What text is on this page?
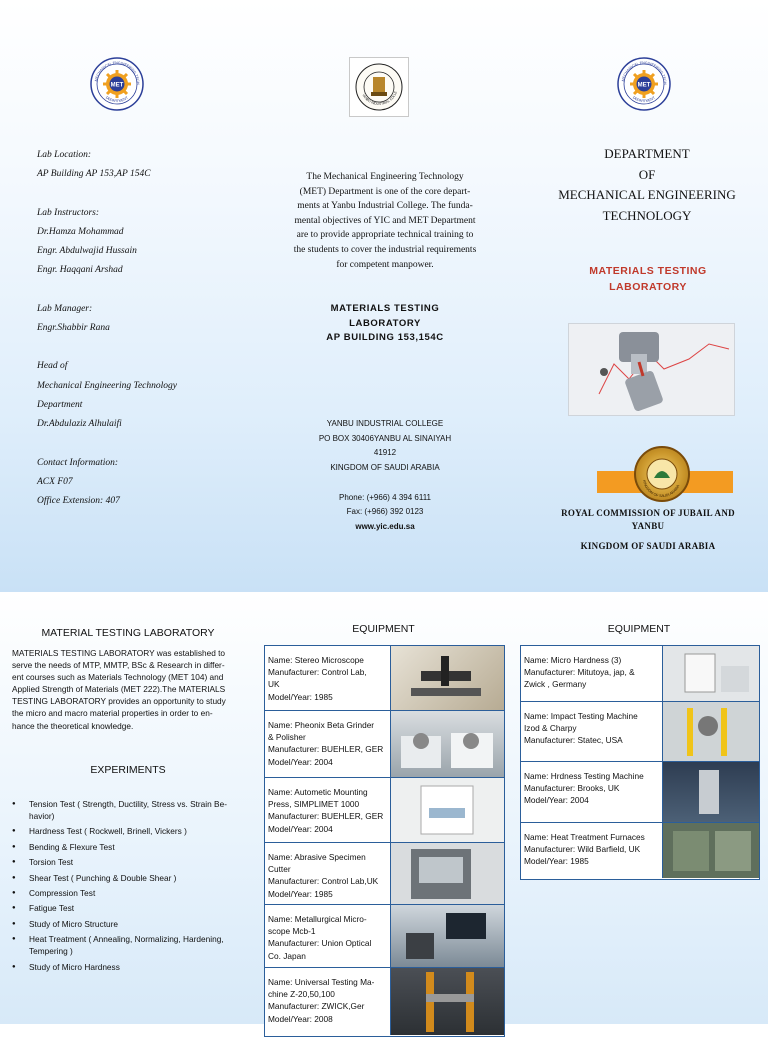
MET
MECHANICAL ENGINEERING TECH
DEPARTMENT
YANBU INDUSTRIAL COLLE
MET
MECHANICAL ENGINEERING TECH
DEPARTMENT
Lab Location:
AP Building AP 153,AP 154C
Lab Instructors:
Dr.Hamza Mohammad
Engr. Abdulwajid Hussain
Engr. Haqqani Arshad
Lab Manager:
Engr.Shabbir Rana
Head of
Mechanical Engineering Technology
Department
Dr.Abdulaziz Alhulaifi
Contact Information:
ACX F07
Office Extension: 407
The Mechanical Engineering Technology
(MET) Department is one of the core depart-
ments at Yanbu Industrial College. The funda-
mental objectives of YIC and MET Department
are to provide appropriate technical training to
the students to cover the industrial requirements
for competent manpower.
MATERIALS TESTING
LABORATORY
AP BUILDING 153,154C
YANBU INDUSTRIAL COLLEGE
PO BOX 30406YANBU AL SINAIYAH
41912
KINGDOM OF SAUDI ARABIA
Phone: (+966) 4 394 6111
Fax: (+966) 392 0123
www.yic.edu.sa
DEPARTMENT
OF
MECHANICAL ENGINEERING
TECHNOLOGY
MATERIALS TESTING
LABORATORY
KINGDOM OF SAUDI ARABIA
ROYAL COMMISSION OF JUBAIL AND
YANBU
KINGDOM OF SAUDI ARABIA
MATERIAL TESTING LABORATORY
MATERIALS TESTING LABORATORY was established to
serve the needs of MTP, MMTP, BSc & Research in differ-
ent courses such as Materials Technology (MET 104) and
Applied Strength of Materials (MET 222).The MATERIALS
TESTING LABORATORY provides an opportunity to study
the micro and macro material properties in order to en-
hance the theoretical knowledge.
EXPERIMENTS
● Tension Test ( Strength, Ductility, Stress vs. Strain Be-
havior)
● Hardness Test ( Rockwell, Brinell, Vickers )
● Bending & Flexure Test
● Torsion Test
● Shear Test ( Punching & Double Shear )
● Compression Test
● Fatigue Test
● Study of Micro Structure
● Heat Treatment ( Annealing, Normalizing, Hardening,
Tempering )
● Study of Micro Hardness
EQUIPMENT
Name: Stereo Microscope
Manufacturer: Control Lab,
UK
Model/Year: 1985
Name: Pheonix Beta Grinder
& Polisher
Manufacturer: BUEHLER, GER
Model/Year: 2004
Name: Autometic Mounting
Press, SIMPLIMET 1000
Manufacturer: BUEHLER, GER
Model/Year: 2004
Name: Abrasive Specimen
Cutter
Manufacturer: Control Lab,UK
Model/Year: 1985
Name: Metallurgical Micro-
scope Mcb-1
Manufacturer: Union Optical
Co. Japan
Name: Universal Testing Ma-
chine Z-20,50,100
Manufacturer: ZWICK,Ger
Model/Year: 2008
EQUIPMENT
Name: Micro Hardness (3)
Manufacturer: Mitutoya, jap, &
Zwick , Germany
Name: Impact Testing Machine
Izod & Charpy
Manufacturer: Statec, USA
Name: Hrdness Testing Machine
Manufacturer: Brooks, UK
Model/Year: 2004
Name: Heat Treatment Furnaces
Manufacturer: Wild Barfield, UK
Model/Year: 1985
